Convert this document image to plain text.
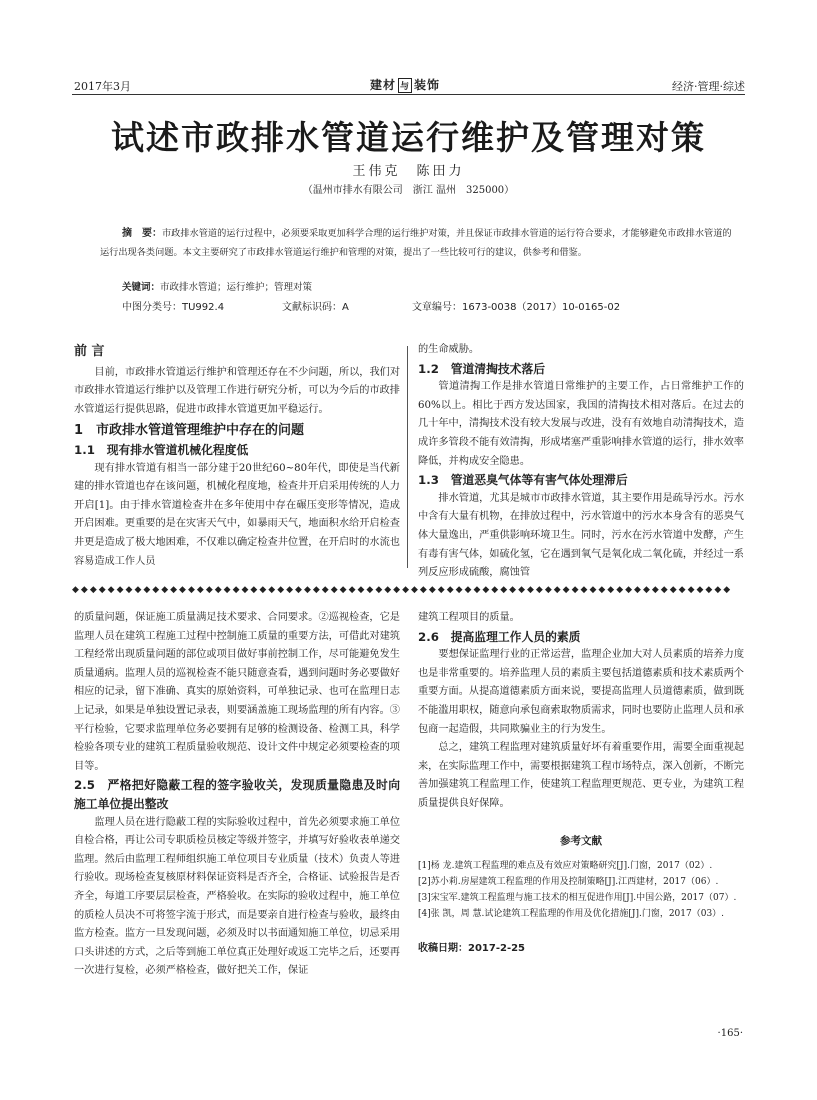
2017年3月	建材 与 装饰	经济·管理·综述
试述市政排水管道运行维护及管理对策
王伟克　陈田力
（温州市排水有限公司　浙江 温州　325000）
摘　要：市政排水管道的运行过程中，必须要采取更加科学合理的运行维护对策，并且保证市政排水管道的运行符合要求，才能够避免市政排水管道的运行出现各类问题。本文主要研究了市政排水管道运行维护和管理的对策，提出了一些比较可行的建议，供参考和借鉴。
关键词：市政排水管道；运行维护；管理对策
中图分类号：TU992.4	文献标识码：A	文章编号：1673-0038（2017）10-0165-02
前 言

目前，市政排水管道运行维护和管理还存在不少问题，所以，我们对市政排水管道运行维护以及管理工作进行研究分析，可以为今后的市政排水管道运行提供思路，促进市政排水管道更加平稳运行。

1　市政排水管道管理维护中存在的问题
1.1　现有排水管道机械化程度低

现有排水管道有相当一部分建于20世纪60~80年代，即使是当代新建的排水管道也存在该问题，机械化程度地，检查井开启采用传统的人力开启[1]。由于排水管道检查井在多年使用中存在碾压变形等情况，造成开启困难。更重要的是在灾害天气中，如暴雨天气，地面积水给开启检查井更是造成了极大地困难，不仅难以确定检查井位置，在开启时的水流也容易造成工作人员

的生命威胁。

1.2　管道清掏技术落后

管道清掏工作是排水管道日常维护的主要工作，占日常维护工作的60%以上。相比于西方发达国家，我国的清掏技术相对落后。在过去的几十年中，清掏技术没有较大发展与改进，没有有效地自动清掏技术，造成许多管段不能有效清掏，形成堵塞严重影响排水管道的运行，排水效率降低，并构成安全隐患。

1.3　管道恶臭气体等有害气体处理滞后

排水管道，尤其是城市市政排水管道，其主要作用是疏导污水。污水中含有大量有机物，在排放过程中，污水管道中的污水本身含有的恶臭气体大量逸出，严重供影响环境卫生。同时，污水在污水管道中发酵，产生有毒有害气体，如硫化氢，它在遇到氧气是氧化成二氧化硫，并经过一系列反应形成硫酸，腐蚀管

◆◆◆◆◆◆◆◆◆◆◆◆◆◆◆◆◆◆◆◆◆◆◆◆◆◆◆◆◆◆◆◆◆◆◆◆◆◆◆◆◆◆◆◆◆◆◆◆◆◆◆◆◆◆◆◆◆◆◆◆◆◆◆◆◆◆◆◆◆◆◆◆◆◆

的质量问题，保证施工质量满足技术要求、合同要求。②巡视检查，它是监理人员在建筑工程施工过程中控制施工质量的重要方法，可借此对建筑工程经常出现质量问题的部位或项目做好事前控制工作，尽可能避免发生质量通病。监理人员的巡视检查不能只随意查看，遇到问题时务必要做好相应的记录，留下准确、真实的原始资料，可单独记录、也可在监理日志上记录，如果是单独设置记录表，则要涵盖施工现场监理的所有内容。③平行检验，它要求监理单位务必要拥有足够的检测设备、检测工具，科学检验各项专业的建筑工程质量验收规范、设计文件中规定必须要检查的项目等。

2.5　严格把好隐蔽工程的签字验收关，发现质量隐患及时向施工单位提出整改

监理人员在进行隐蔽工程的实际验收过程中，首先必须要求施工单位自检合格，再让公司专职质检员核定等级并签字，并填写好验收表单递交监理。然后由监理工程师组织施工单位项目专业质量（技术）负责人等进行验收。现场检查复核原材料保证资料是否齐全，合格证、试验报告是否齐全，每道工序要层层检查，严格验收。在实际的验收过程中，施工单位的质检人员决不可将签字流于形式，而是要亲自进行检查与验收，最终由监方检查。监方一旦发现问题，必须及时以书面通知施工单位，切忌采用口头讲述的方式，之后等到施工单位真正处理好或返工完毕之后，还要再一次进行复检，必须严格检查，做好把关工作，保证

建筑工程项目的质量。

2.6　提高监理工作人员的素质

要想保证监理行业的正常运营，监理企业加大对人员素质的培养力度也是非常重要的。培养监理人员的素质主要包括道德素质和技术素质两个重要方面。从提高道德素质方面来说，要提高监理人员道德素质，做到既不能滥用职权，随意向承包商索取物质需求，同时也要防止监理人员和承包商一起造假，共同欺骗业主的行为发生。

总之，建筑工程监理对建筑质量好坏有着重要作用，需要全面重视起来，在实际监理工作中，需要根据建筑工程市场特点，深入创新，不断完善加强建筑工程监理工作，使建筑工程监理更规范、更专业，为建筑工程质量提供良好保障。

参考文献
[1]杨 龙.建筑工程监理的难点及有效应对策略研究[J].门窗，2017（02）.
[2]苏小莉.房屋建筑工程监理的作用及控制策略[J].江西建材，2017（06）.
[3]宋宝军.建筑工程监理与施工技术的相互促进作用[J].中国公路，2017（07）.
[4]张 凯，周 慧.试论建筑工程监理的作用及优化措施[J].门窗，2017（03）.
收稿日期：2017-2-25
·165·
